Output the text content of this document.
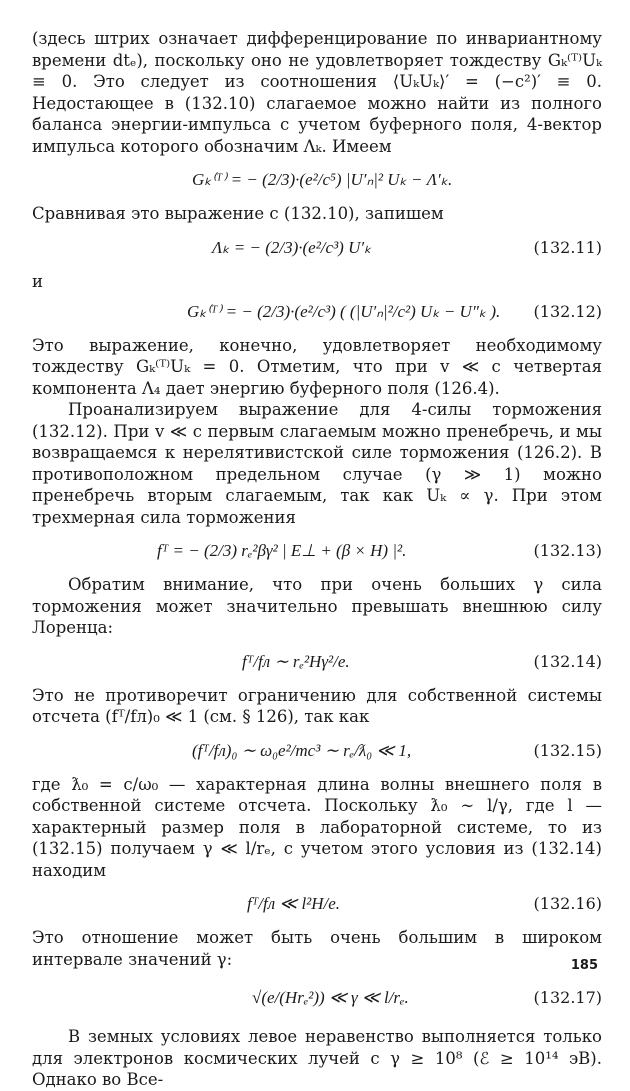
(здесь штрих означает дифференцирование по инвариантному времени dtₑ), поскольку оно не удовлетворяет тождеству Gₖ⁽ᵀ⁾Uₖ ≡ 0. Это следует из соотношения ⟨UₖUₖ⟩′ = (−c²)′ ≡ 0. Недостающее в (132.10) слагаемое можно найти из полного баланса энергии-импульса с учетом буферного поля, 4-вектор импульса которого обозначим Λₖ. Имеем

Gₖ⁽ᵀ⁾ = − (2/3)·(e²/c⁵) |U′ₙ|² Uₖ − Λ′ₖ.

Сравнивая это выражение с (132.10), запишем

Λₖ = − (2/3)·(e²/c³) U′ₖ	(132.11)

и

Gₖ⁽ᵀ⁾ = − (2/3)·(e²/c³) ( (|U′ₙ|²/c²) Uₖ − U″ₖ ). (132.12)

Это выражение, конечно, удовлетворяет необходимому тождеству Gₖ⁽ᵀ⁾Uₖ = 0. Отметим, что при v ≪ c четвертая компонента Λ₄ дает энергию буферного поля (126.4).

Проанализируем выражение для 4-силы торможения (132.12). При v ≪ c первым слагаемым можно пренебречь, и мы возвращаемся к нерелятивистской силе торможения (126.2). В противоположном предельном случае (γ ≫ 1) можно пренебречь вторым слагаемым, так как Uₖ ∝ γ. При этом трехмерная сила торможения

fᵀ = − (2/3) rₑ²βγ² | E⊥ + (β × H) |².	(132.13)

Обратим внимание, что при очень больших γ сила торможения может значительно превышать внешнюю силу Лоренца:

fᵀ/fл ∼ rₑ²Hγ²/e.	(132.14)

Это не противоречит ограничению для собственной системы отсчета (fᵀ/fл)₀ ≪ 1 (см. § 126), так как

(fᵀ/fл)₀ ∼ ω₀e²/mc³ ∼ rₑ/ƛ₀ ≪ 1,	(132.15)

где ƛ₀ = c/ω₀ — характерная длина волны внешнего поля в собственной системе отсчета. Поскольку ƛ₀ ∼ l/γ, где l — характерный размер поля в лабораторной системе, то из (132.15) получаем γ ≪ l/rₑ, с учетом этого условия из (132.14) находим

fᵀ/fл ≪ l²H/e.	(132.16)

Это отношение может быть очень большим в широком интервале значений γ:

√(e/(Hrₑ²)) ≪ γ ≪ l/rₑ.	(132.17)

В земных условиях левое неравенство выполняется только для электронов космических лучей с γ ≥ 10⁸ (ℰ ≥ 10¹⁴ эВ). Однако во Все-

185
